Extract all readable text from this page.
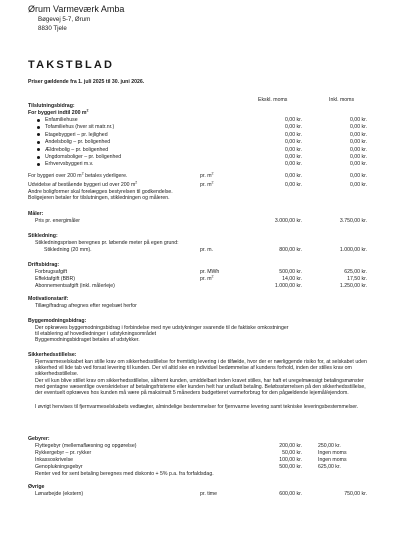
Ørum Varmeværk Amba
Bøgevej 5-7, Ørum
8830 Tjele
TAKSTBLAD
Priser gældende fra 1. juli 2025 til 30. juni 2026.
Ekskl. moms	Inkl. moms
Tilslutningsbidrag:
For byggeri indtil 200 $m^2$
Enfamiliehuse	0,00 kr.	0,00 kr.
Tofamiliehus (hver sit matr.nr.)	0,00 kr.	0,00 kr.
Etagebyggeri – pr. lejlighed	0,00 kr.	0,00 kr.
Andelsbolig – pr. boligenhed	0,00 kr.	0,00 kr.
Ældrebolig – pr. boligenhed	0,00 kr.	0,00 kr.
Ungdomsboliger – pr. boligenhed	0,00 kr.	0,00 kr.
Erhvervsbyggeri m.v.	0,00 kr.	0,00 kr.
For byggeri over 200 $m^2$ betales yderligere.	pr. $m^2$	0,00 kr.	0,00 kr.
Udvidelse af bestående byggeri ud over 200 $m^2$	pr. $m^2$	0,00 kr.	0,00 kr.
Andre boligformer skal forelægges bestyrelsen til godkendelse.
Boligejeren betaler for tilslutningen, stikledningen og måleren.
Måler:
Pris pr. energimåler	3.000,00 kr.	3.750,00 kr.
Stikledning:
Stikledningsprisen beregnes pr. løbende meter på egen grund:
Stikledning (20 mm).	pr. m.	800,00 kr.	1.000,00 kr.
Driftsbidrag:
Forbrugsafgift	pr. MWh	500,00 kr.	625,00 kr.
Effektafgift (BBR)	pr. $m^2$	14,00 kr.	17,50 kr.
Abonnementsafgift (inkl. målerleje)	1.000,00 kr.	1.250,00 kr.
Motivationstarif:
Tillæg/fradrag afregnes efter regelsæt herfor
Byggemodningsbidrag:
Der opkræves byggemodningsbidrag i forbindelse med nye udstykninger svarende til de faktiske omkostninger
til etablering af hovedledninger i udstykningsområdet
Byggemodningsbidraget betales af udstykker.
Sikkerhedsstillelse:
Fjernvarmeselskabet kan stille krav om sikkerhedsstillelse for fremtidig levering i de tilfælde, hvor der er nærliggende risiko for, at selskabet uden sikkerhed vil lide tab ved forsat levering til kunden. Der vil altid ske en individuel bedømmelse af kundens forhold, inden der stilles krav om sikkerhedsstillelse.
Der vil kun blive stillet krav om sikkerhedsstillelse, såfremt kunden, umiddelbart inden kravet stilles, har haft et uregelmæssigt betalingsmønster med gentagne væsentlige overskridelser af betalingsfristerne eller kunden helt har undladt betaling. Beløbsstørrelsen på den sikkerhedsstillelse, der eventuelt opkræves hos kunden må være på maksimalt 5 måneders budgetteret varmeforbrug for den pågældende lejemål/ejendom.
I øvrigt henvises til fjernvarmeselskabets vedtægter, almindelige bestemmelser for fjernvarme levering samt tekniske leveringsbestemmelser.
Gebyrer:
Flyttegebyr (mellemaflæsning og opgørelse)	200,00 kr.	250,00 kr.
Rykkergebyr – pr. rykker	50,00 kr.	Ingen moms
Inkassoskrivelse	100,00 kr.	Ingen moms
Genoplukningsgebyr	500,00 kr.	625,00 kr.
Renter ved for sent betaling beregnes med diskonto + 5% p.a. fra forfaldsdag.
Øvrige
Lønarbejde (ekstern)	pr. time	600,00 kr.	750,00 kr.
